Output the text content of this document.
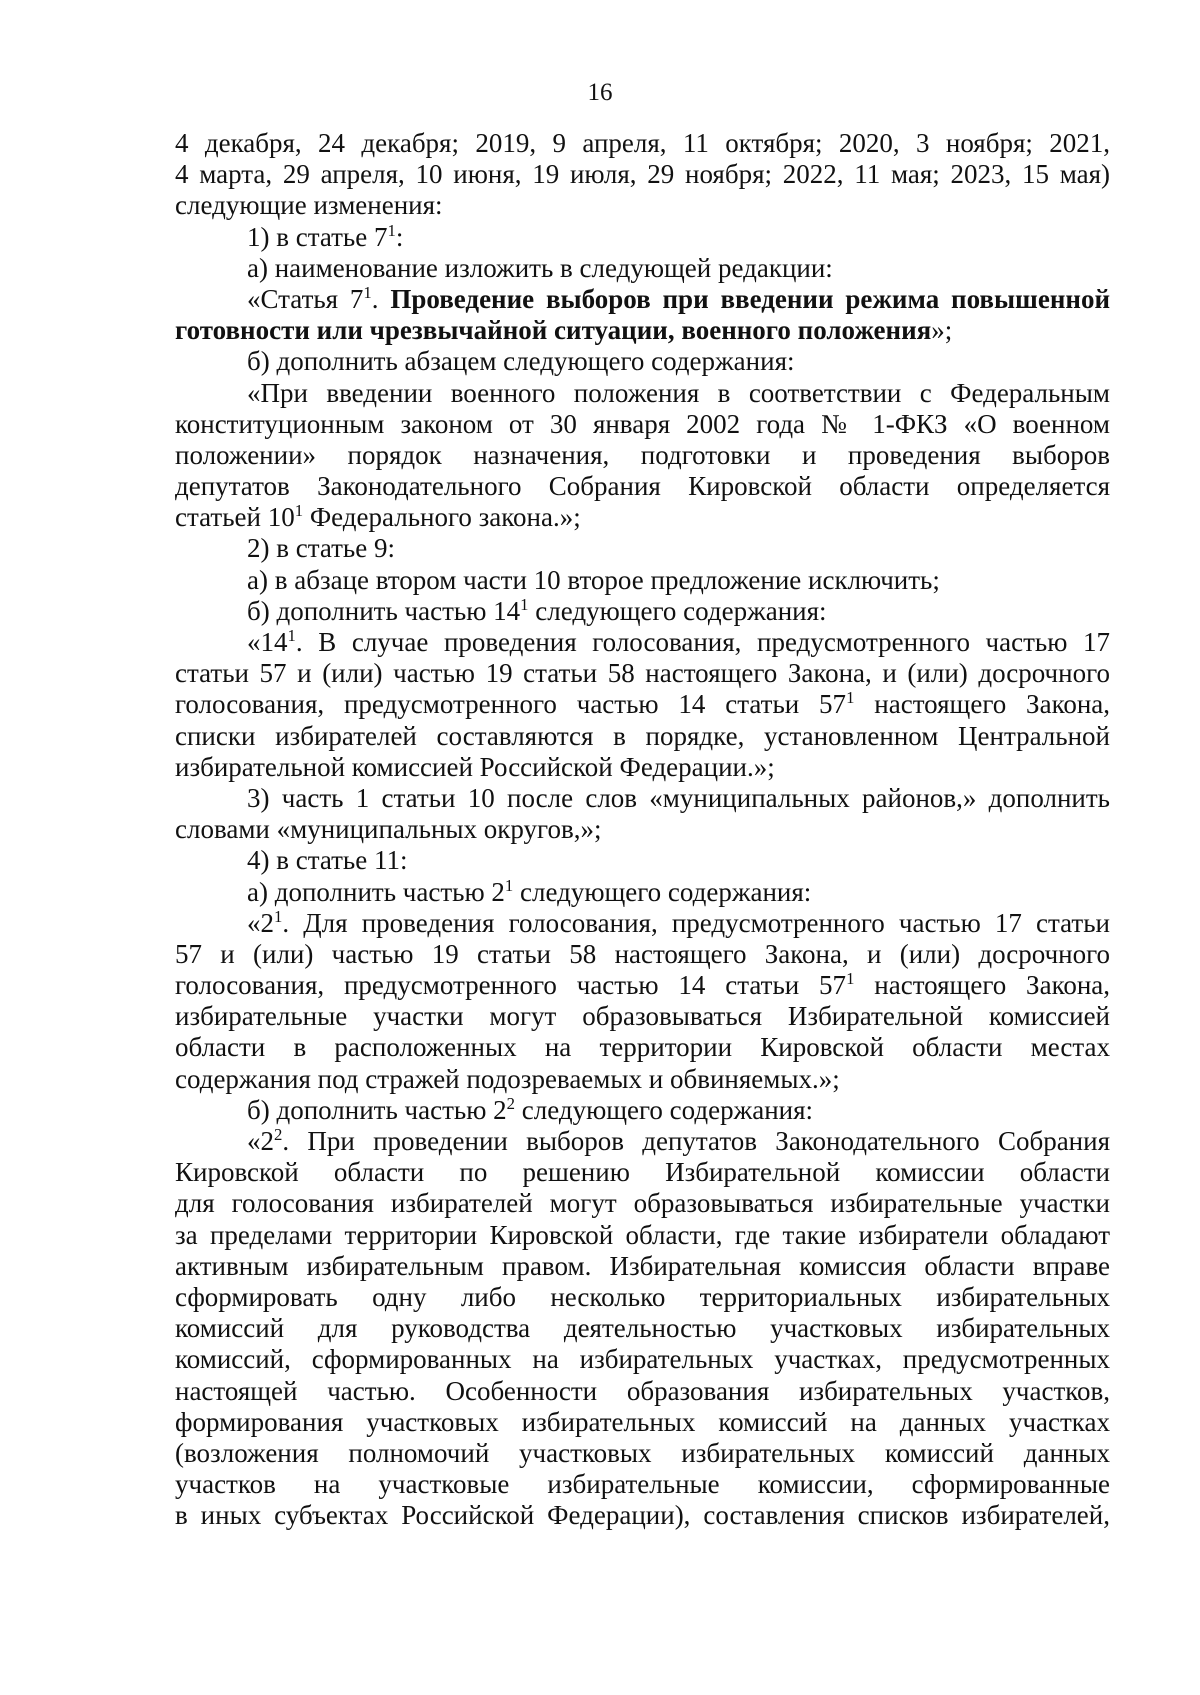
16
4 декабря, 24 декабря; 2019, 9 апреля, 11 октября; 2020, 3 ноября; 2021,
4 марта, 29 апреля, 10 июня, 19 июля, 29 ноября; 2022, 11 мая; 2023, 15 мая)
следующие изменения:
1) в статье $7^1$:
а) наименование изложить в следующей редакции:
«Статья $7^1$. Проведение выборов при введении режима повышенной
готовности или чрезвычайной ситуации, военного положения»;
б) дополнить абзацем следующего содержания:
«При введении военного положения в соответствии с Федеральным
конституционным законом от 30 января 2002 года № 1-ФКЗ «О военном
положении» порядок назначения, подготовки и проведения выборов
депутатов Законодательного Собрания Кировской области определяется
статьей $10^1$ Федерального закона.»;
2) в статье 9:
а) в абзаце втором части 10 второе предложение исключить;
б) дополнить частью $14^1$ следующего содержания:
«$14^1$. В случае проведения голосования, предусмотренного частью 17
статьи 57 и (или) частью 19 статьи 58 настоящего Закона, и (или) досрочного
голосования, предусмотренного частью 14 статьи $57^1$ настоящего Закона,
списки избирателей составляются в порядке, установленном Центральной
избирательной комиссией Российской Федерации.»;
3) часть 1 статьи 10 после слов «муниципальных районов,» дополнить
словами «муниципальных округов,»;
4) в статье 11:
а) дополнить частью $2^1$ следующего содержания:
«$2^1$. Для проведения голосования, предусмотренного частью 17 статьи
57 и (или) частью 19 статьи 58 настоящего Закона, и (или) досрочного
голосования, предусмотренного частью 14 статьи $57^1$ настоящего Закона,
избирательные участки могут образовываться Избирательной комиссией
области в расположенных на территории Кировской области местах
содержания под стражей подозреваемых и обвиняемых.»;
б) дополнить частью $2^2$ следующего содержания:
«$2^2$. При проведении выборов депутатов Законодательного Собрания
Кировской области по решению Избирательной комиссии области
для голосования избирателей могут образовываться избирательные участки
за пределами территории Кировской области, где такие избиратели обладают
активным избирательным правом. Избирательная комиссия области вправе
сформировать одну либо несколько территориальных избирательных
комиссий для руководства деятельностью участковых избирательных
комиссий, сформированных на избирательных участках, предусмотренных
настоящей частью. Особенности образования избирательных участков,
формирования участковых избирательных комиссий на данных участках
(возложения полномочий участковых избирательных комиссий данных
участков на участковые избирательные комиссии, сформированные
в иных субъектах Российской Федерации), составления списков избирателей,
